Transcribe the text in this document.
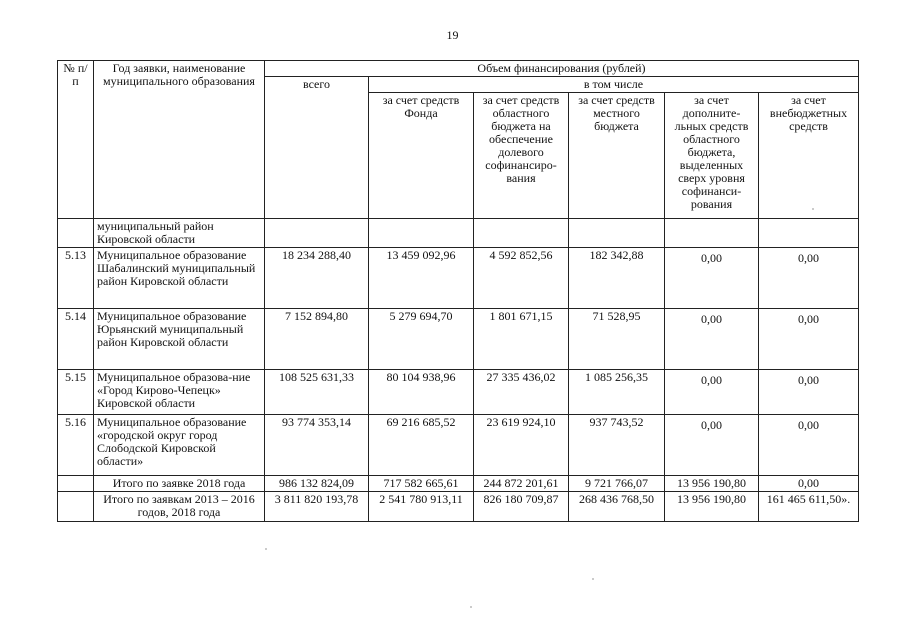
19
№ п/п	Год заявки, наименование муниципального образования	Объем финансирования (рублей)					
		всего	в том числе				
			за счет средств Фонда	за счет средств областного бюджета на обеспечение долевого софинансиро-вания	за счет средств местного бюджета	за счет дополните-льных средств областного бюджета, выделенных сверх уровня софинанси-рования	за счет внебюджетных средств
	муниципальный район Кировской области						
5.13	Муниципальное образование Шабалинский муниципальный район Кировской области	18 234 288,40	13 459 092,96	4 592 852,56	182 342,88	0,00	0,00
5.14	Муниципальное образование Юрьянский муниципальный район Кировской области	7 152 894,80	5 279 694,70	1 801 671,15	71 528,95	0,00	0,00
5.15	Муниципальное образова-ние «Город Кирово-Чепецк» Кировской области	108 525 631,33	80 104 938,96	27 335 436,02	1 085 256,35	0,00	0,00
5.16	Муниципальное образование «городской округ город Слободской Кировской области»	93 774 353,14	69 216 685,52	23 619 924,10	937 743,52	0,00	0,00
	Итого по заявке 2018 года	986 132 824,09	717 582 665,61	244 872 201,61	9 721 766,07	13 956 190,80	0,00
	Итого по заявкам 2013 – 2016 годов, 2018 года	3 811 820 193,78	2 541 780 913,11	826 180 709,87	268 436 768,50	13 956 190,80	161 465 611,50».
